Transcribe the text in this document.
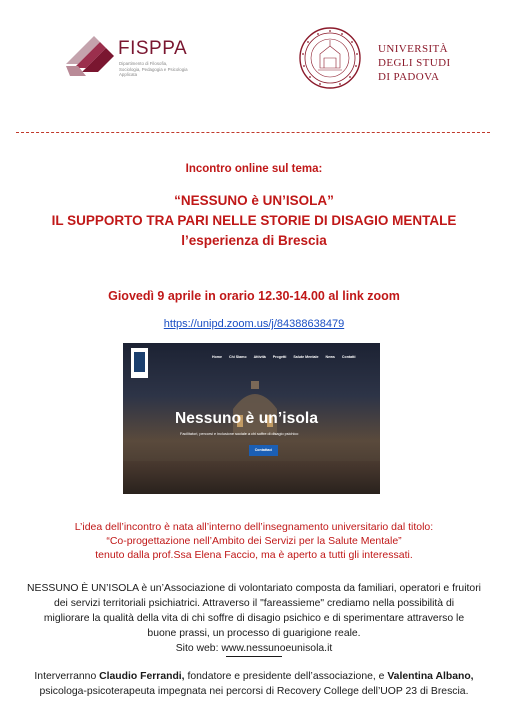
FISPPA
Dipartimento di Filosofia, Sociologia, Pedagogia e Psicologia Applicata
UNIVERSITÀ
DEGLI STUDI
DI PADOVA
Incontro online sul tema:
“NESSUNO è UN’ISOLA”
IL SUPPORTO TRA PARI NELLE STORIE DI DISAGIO MENTALE
l’esperienza di Brescia
Giovedì 9 aprile in orario 12.30-14.00 al link zoom
https://unipd.zoom.us/j/84388638479
Home Chi Siamo Attività Progetti Salute Mentale News Contatti
Nessuno è un’isola
Facilitatori, percorsi e inclusione sociale a chi soffre di disagio psichico
Contattaci
L’idea dell’incontro è nata all’interno dell’insegnamento universitario dal titolo:
“Co-progettazione nell’Ambito dei Servizi per la Salute Mentale”
tenuto dalla prof.Ssa Elena Faccio, ma è aperto a tutti gli interessati.
NESSUNO È UN’ISOLA è un’Associazione di volontariato composta da familiari, operatori e fruitori
dei servizi territoriali psichiatrici. Attraverso il "fareassieme" crediamo nella possibilità di
migliorare la qualità della vita di chi soffre di disagio psichico e di sperimentare attraverso le
buone prassi, un processo di guarigione reale.
Sito web: www.nessunoeunisola.it
Interverranno Claudio Ferrandi, fondatore e presidente dell’associazione, e Valentina Albano,
psicologa-psicoterapeuta impegnata nei percorsi di Recovery College dell’UOP 23 di Brescia.
